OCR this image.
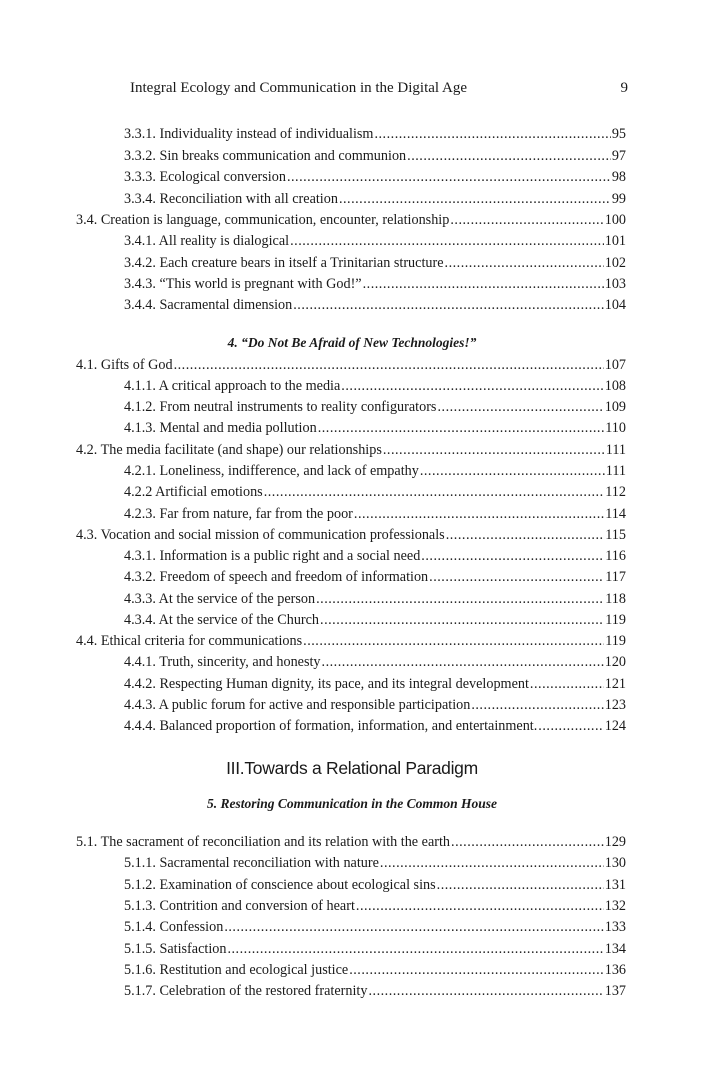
Integral Ecology and Communication in the Digital Age	9
3.3.1. Individuality instead of individualism .....	95
3.3.2. Sin breaks communication and communion .....	97
3.3.3. Ecological conversion .....	98
3.3.4. Reconciliation with all creation .....	99
3.4. Creation is language, communication, encounter, relationship .....	100
3.4.1. All reality is dialogical .....	101
3.4.2. Each creature bears in itself a Trinitarian structure .....	102
3.4.3. “This world is pregnant with God!” .....	103
3.4.4. Sacramental dimension .....	104
4. “Do Not Be Afraid of New Technologies!”
4.1. Gifts of God .....	107
4.1.1. A critical approach to the media .....	108
4.1.2. From neutral instruments to reality configurators .....	109
4.1.3. Mental and media pollution .....	110
4.2. The media facilitate (and shape) our relationships .....	111
4.2.1. Loneliness, indifference, and lack of empathy .....	111
4.2.2 Artificial emotions .....	112
4.2.3. Far from nature, far from the poor .....	114
4.3. Vocation and social mission of communication professionals .....	115
4.3.1. Information is a public right and a social need .....	116
4.3.2. Freedom of speech and freedom of information .....	117
4.3.3. At the service of the person .....	118
4.3.4. At the service of the Church .....	119
4.4. Ethical criteria for communications .....	119
4.4.1. Truth, sincerity, and honesty .....	120
4.4.2. Respecting Human dignity, its pace, and its integral development .....	121
4.4.3. A public forum for active and responsible participation .....	123
4.4.4. Balanced proportion of formation, information, and entertainment. .....	124
III.Towards a Relational Paradigm
5. Restoring Communication in the Common House
5.1. The sacrament of reconciliation and its relation with the earth .....	129
5.1.1. Sacramental reconciliation with nature .....	130
5.1.2. Examination of conscience about ecological sins .....	131
5.1.3. Contrition and conversion of heart .....	132
5.1.4. Confession .....	133
5.1.5. Satisfaction .....	134
5.1.6. Restitution and ecological justice .....	136
5.1.7. Celebration of the restored fraternity .....	137
